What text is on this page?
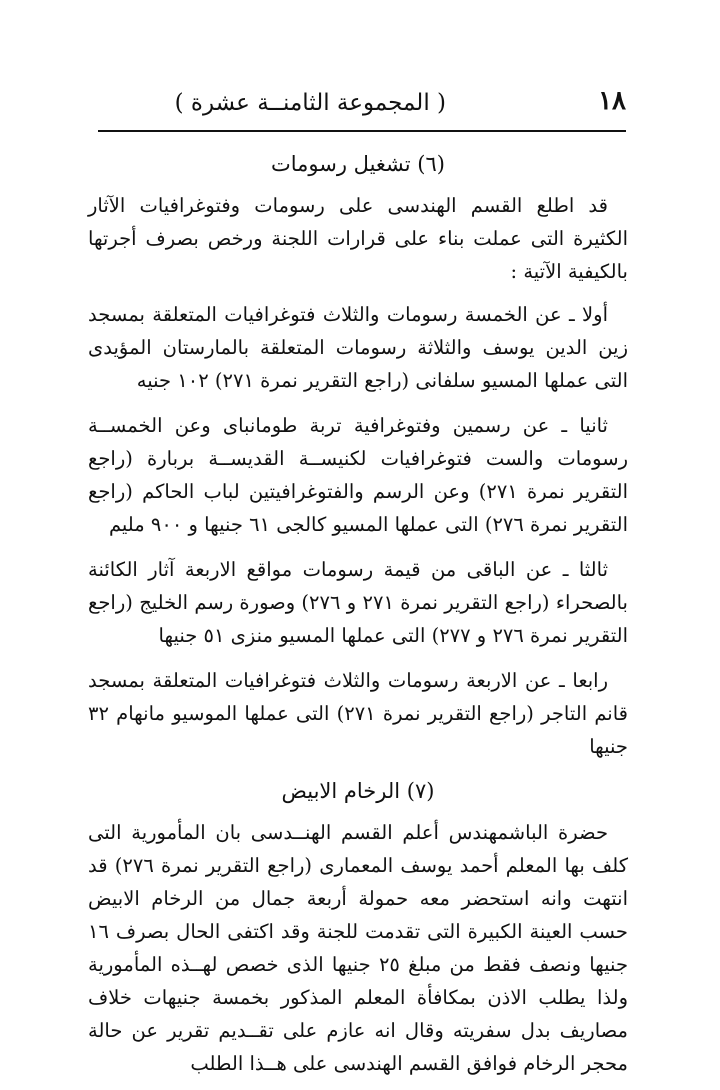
١٨
( المجموعة الثامنــة عشرة )
(٦) تشغيل رسومات

قد اطلع القسم الهندسى على رسومات وفتوغرافيات الآثار الكثيرة التى عملت بناء على قرارات اللجنة ورخص بصرف أجرتها بالكيفية الآتية :

أولا ـ عن الخمسة رسومات والثلاث فتوغرافيات المتعلقة بمسجد زين الدين يوسف والثلاثة رسومات المتعلقة بالمارستان المؤيدى التى عملها المسيو سلفانى (راجع التقرير نمرة ٢٧١) ١٠٢ جنيه

ثانيا ـ عن رسمين وفتوغرافية تربة طومانباى وعن الخمســة رسومات والست فتوغرافيات لكنيســة القديســة بربارة (راجع التقرير نمرة ٢٧١) وعن الرسم والفتوغرافيتين لباب الحاكم (راجع التقرير نمرة ٢٧٦) التى عملها المسيو كالجى ٦١ جنيها و ٩٠٠ مليم

ثالثا ـ عن الباقى من قيمة رسومات مواقع الاربعة آثار الكائنة بالصحراء (راجع التقرير نمرة ٢٧١ و ٢٧٦) وصورة رسم الخليج (راجع التقرير نمرة ٢٧٦ و ٢٧٧) التى عملها المسيو منزى ٥١ جنيها

رابعا ـ عن الاربعة رسومات والثلاث فتوغرافيات المتعلقة بمسجد قانم التاجر (راجع التقرير نمرة ٢٧١) التى عملها الموسيو مانهام ٣٢ جنيها

(٧) الرخام الابيض

حضرة الباشمهندس أعلم القسم الهنــدسى بان المأمورية التى كلف بها المعلم أحمد يوسف المعمارى (راجع التقرير نمرة ٢٧٦) قد انتهت وانه استحضر معه حمولة أربعة جمال من الرخام الابيض حسب العينة الكبيرة التى تقدمت للجنة وقد اكتفى الحال بصرف ١٦ جنيها ونصف فقط من مبلغ ٢٥ جنيها الذى خصص لهــذه المأمورية ولذا يطلب الاذن بمكافأة المعلم المذكور بخمسة جنيهات خلاف مصاريف بدل سفريته وقال انه عازم على تقــديم تقرير عن حالة محجر الرخام فوافق القسم الهندسى على هــذا الطلب
